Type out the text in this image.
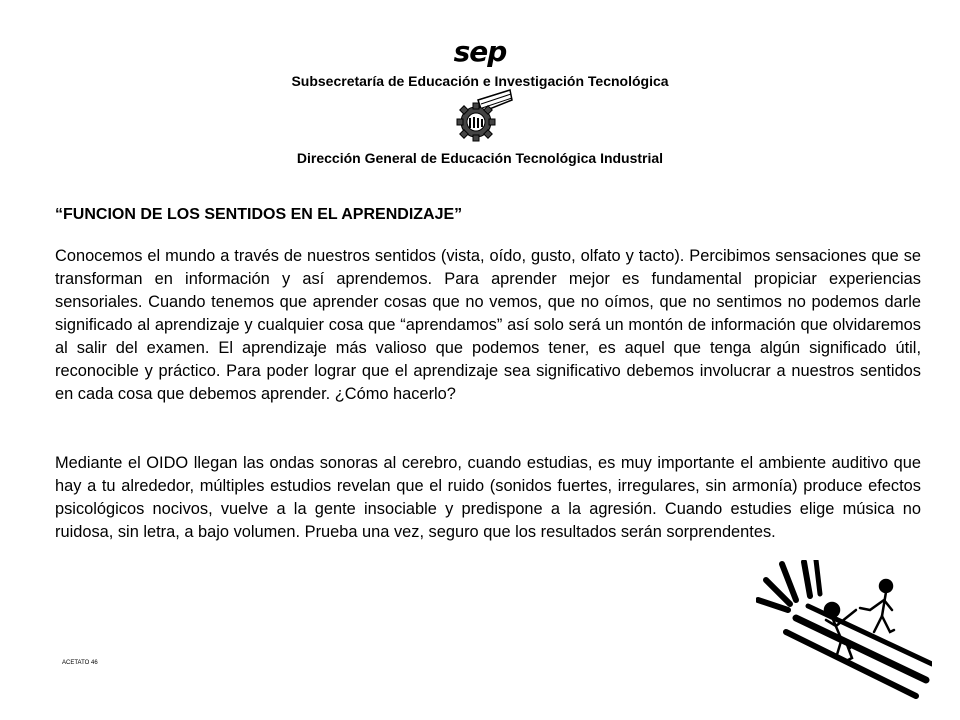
sep
Subsecretaría de Educación e Investigación Tecnológica
Dirección General de Educación Tecnológica Industrial
“FUNCION DE LOS SENTIDOS EN EL APRENDIZAJE”

Conocemos el mundo a través de nuestros sentidos (vista, oído, gusto, olfato y tacto). Percibimos sensaciones que se transforman en información y así aprendemos. Para aprender mejor es fundamental propiciar experiencias sensoriales. Cuando tenemos que aprender cosas que no vemos, que no oímos, que no sentimos no podemos darle significado al aprendizaje y cualquier cosa que “aprendamos” así solo será un montón de información que olvidaremos al salir del examen. El aprendizaje más valioso que podemos tener, es aquel que tenga algún significado útil, reconocible y práctico. Para poder lograr que el aprendizaje sea significativo debemos involucrar a nuestros sentidos en cada cosa que debemos aprender. ¿Cómo hacerlo?

Mediante el OIDO llegan las ondas sonoras al cerebro, cuando estudias, es muy importante el ambiente auditivo que hay a tu alrededor, múltiples estudios revelan que el ruido (sonidos fuertes, irregulares, sin armonía) produce efectos psicológicos nocivos, vuelve a la gente insociable y predispone a la agresión. Cuando estudies elige música no ruidosa, sin letra, a bajo volumen. Prueba una vez, seguro que los resultados serán sorprendentes.

ACETATO 46
